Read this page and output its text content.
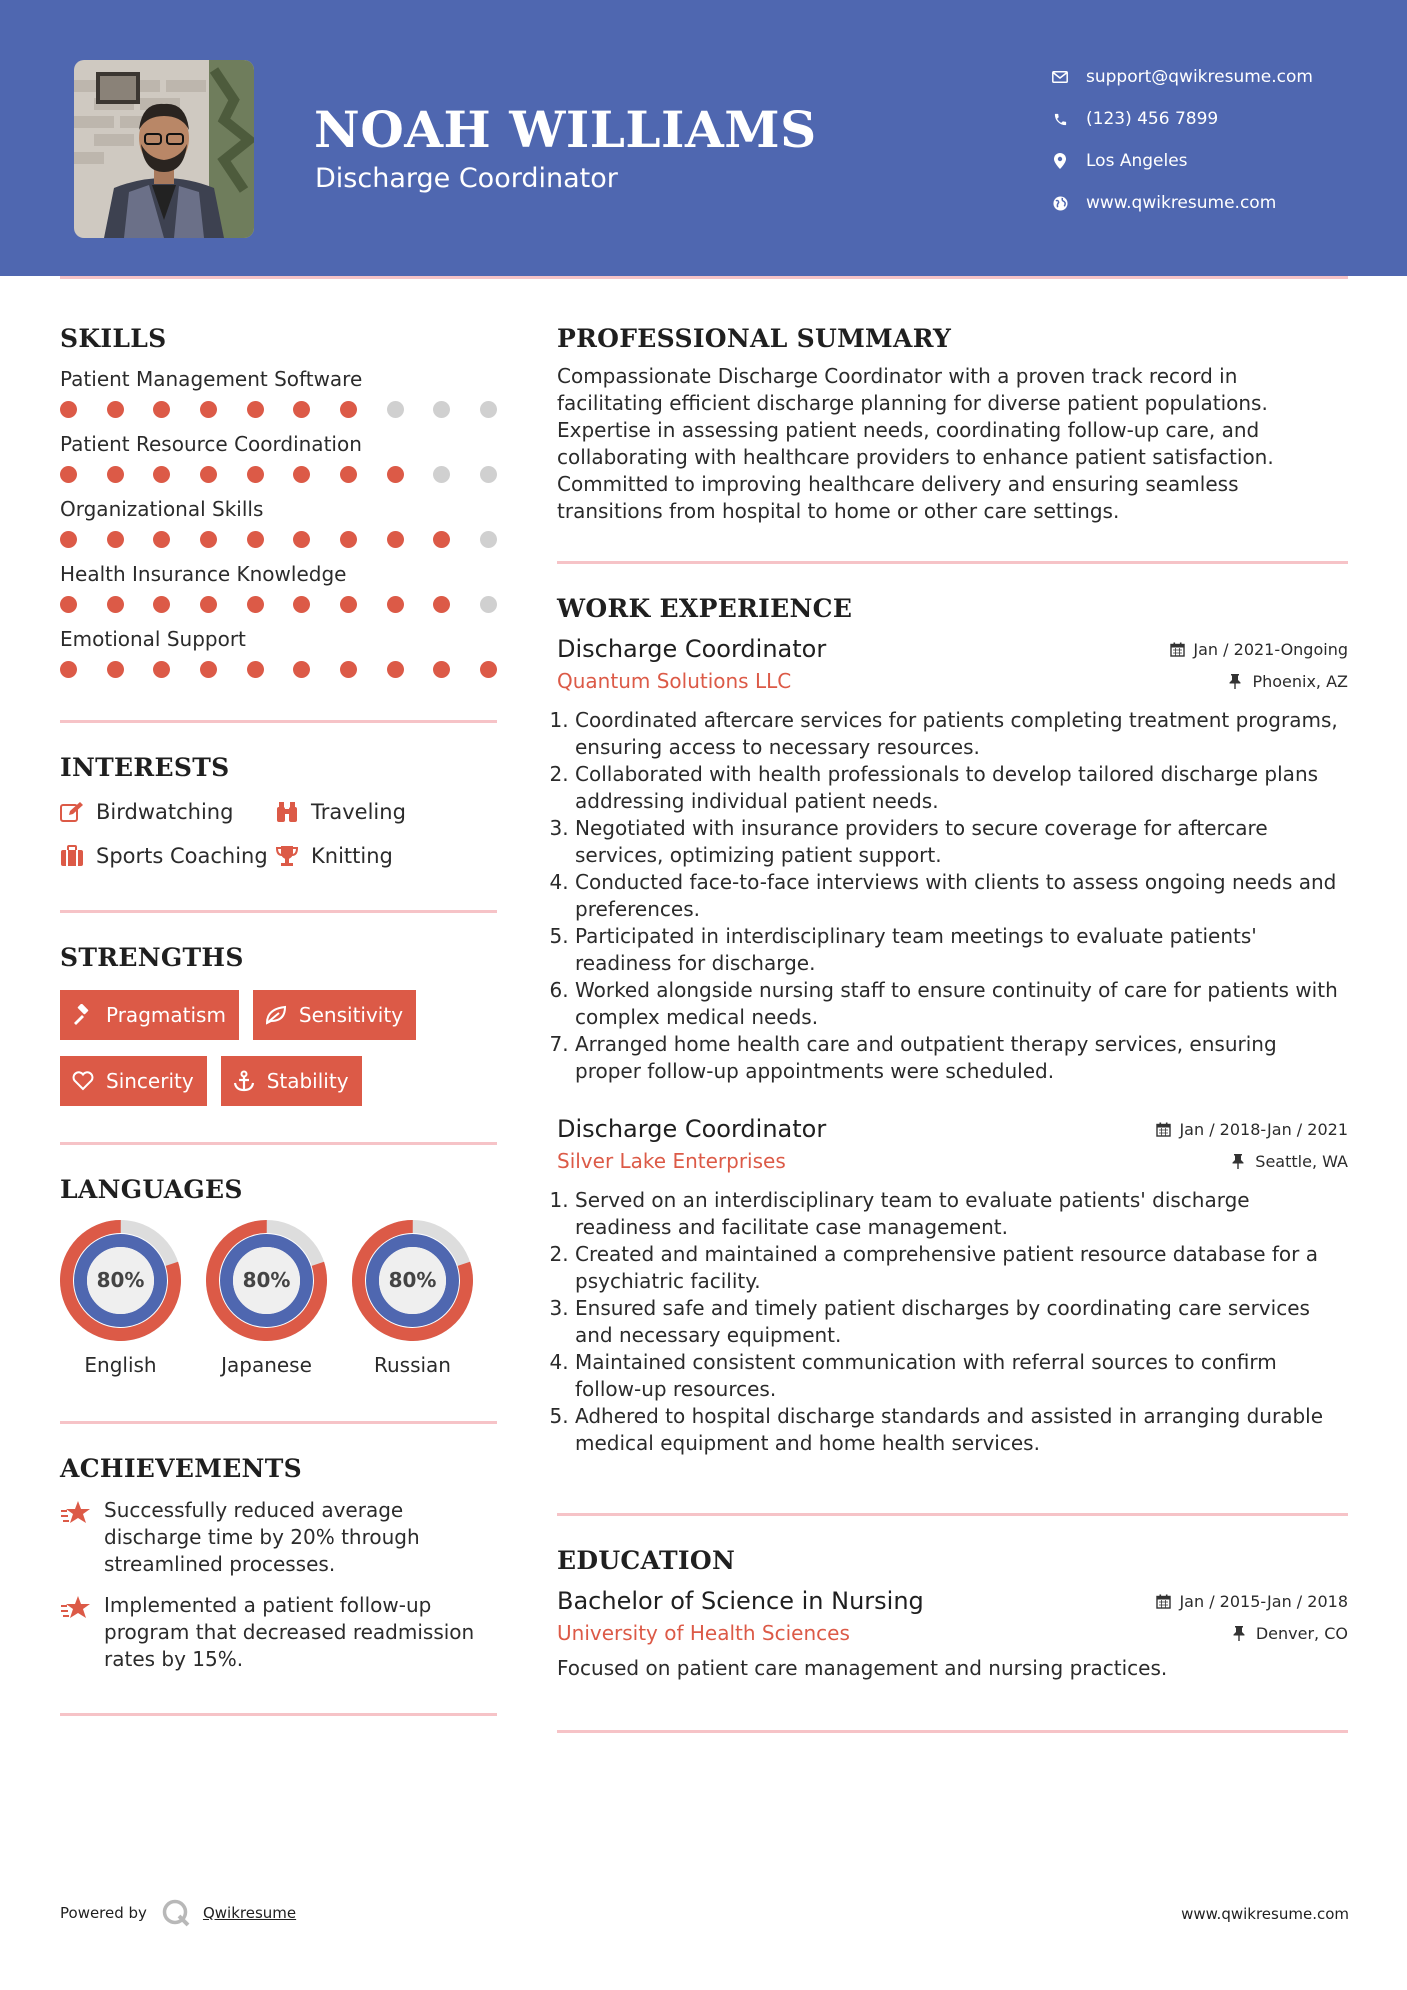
NOAH WILLIAMS
Discharge Coordinator
support@qwikresume.com
(123) 456 7899
Los Angeles
www.qwikresume.com
SKILLS
Patient Management Software
Patient Resource Coordination
Organizational Skills
Health Insurance Knowledge
Emotional Support
INTERESTS
Birdwatching	Traveling
Sports Coaching Knitting
STRENGTHS
Pragmatism	Sensitivity
Sincerity	Stability
LANGUAGES
80%
English
80%
Japanese
80%
Russian
ACHIEVEMENTS
Successfully reduced average discharge time by 20% through streamlined processes.
Implemented a patient follow-up program that decreased readmission rates by 15%.
PROFESSIONAL SUMMARY
Compassionate Discharge Coordinator with a proven track record in facilitating efficient discharge planning for diverse patient populations. Expertise in assessing patient needs, coordinating follow-up care, and collaborating with healthcare providers to enhance patient satisfaction. Committed to improving healthcare delivery and ensuring seamless transitions from hospital to home or other care settings.
WORK EXPERIENCE
Discharge Coordinator	Jan / 2021-Ongoing
Quantum Solutions LLC	Phoenix, AZ
1. Coordinated aftercare services for patients completing treatment programs, ensuring access to necessary resources.
2. Collaborated with health professionals to develop tailored discharge plans addressing individual patient needs.
3. Negotiated with insurance providers to secure coverage for aftercare services, optimizing patient support.
4. Conducted face-to-face interviews with clients to assess ongoing needs and preferences.
5. Participated in interdisciplinary team meetings to evaluate patients' readiness for discharge.
6. Worked alongside nursing staff to ensure continuity of care for patients with complex medical needs.
7. Arranged home health care and outpatient therapy services, ensuring proper follow-up appointments were scheduled.
Discharge Coordinator	Jan / 2018-Jan / 2021
Silver Lake Enterprises	Seattle, WA
1. Served on an interdisciplinary team to evaluate patients' discharge readiness and facilitate case management.
2. Created and maintained a comprehensive patient resource database for a psychiatric facility.
3. Ensured safe and timely patient discharges by coordinating care services and necessary equipment.
4. Maintained consistent communication with referral sources to confirm follow-up resources.
5. Adhered to hospital discharge standards and assisted in arranging durable medical equipment and home health services.
EDUCATION
Bachelor of Science in Nursing	Jan / 2015-Jan / 2018
University of Health Sciences	Denver, CO
Focused on patient care management and nursing practices.
Powered by	Qwikresume	www.qwikresume.com
